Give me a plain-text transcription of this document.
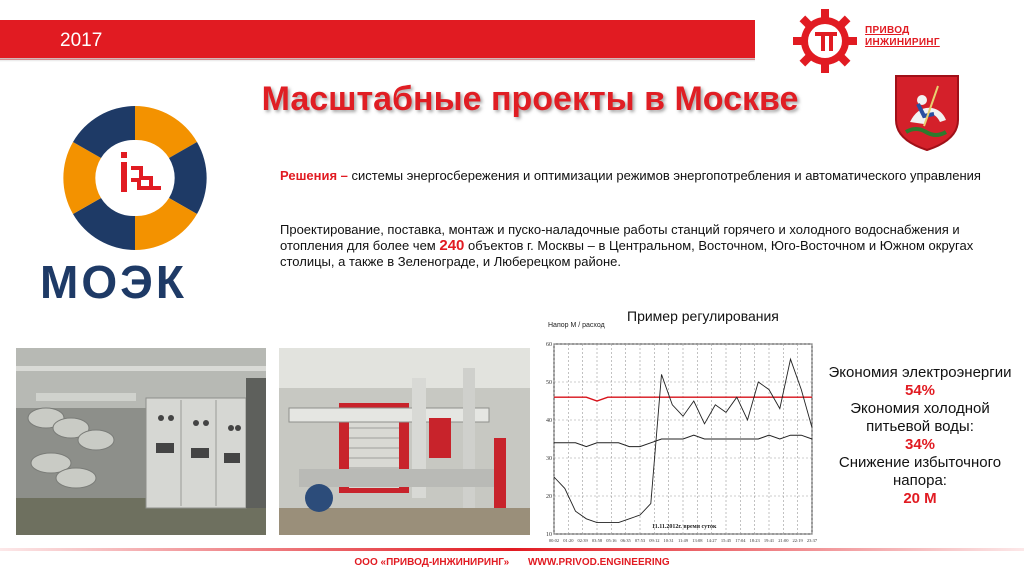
2017	ПРИВОД
ИНЖИНИРИНГ
Масштабные проекты в Москве
МОЭК
Решения – системы энергосбережения и оптимизации режимов энергопотребления и автоматического управления
Проектирование, поставка, монтаж и пуско-наладочные работы станций горячего и холодного водоснабжения и отопления для более чем 240 объектов г. Москвы – в Центральном, Восточном, Юго-Восточном и Южном округах столицы, а также в Зеленограде, и Люберецком районе.
Пример регулирования
Напор М / расход
60
50
40
30
20
10
00:02 01:20 02:39 03:58 05:16 06:35 07:53 09:12 10:31 11:49 13:08 14:27 15:45 17:04 18:23 19:41 21:00 22:19 23:37
11.11.2012г. время суток
Экономия электроэнергии
54%
Экономия холодной питьевой воды:
34%
Снижение избыточного напора:
20 М
ООО «ПРИВОД-ИНЖИНИРИНГ» WWW.PRIVOD.ENGINEERING
